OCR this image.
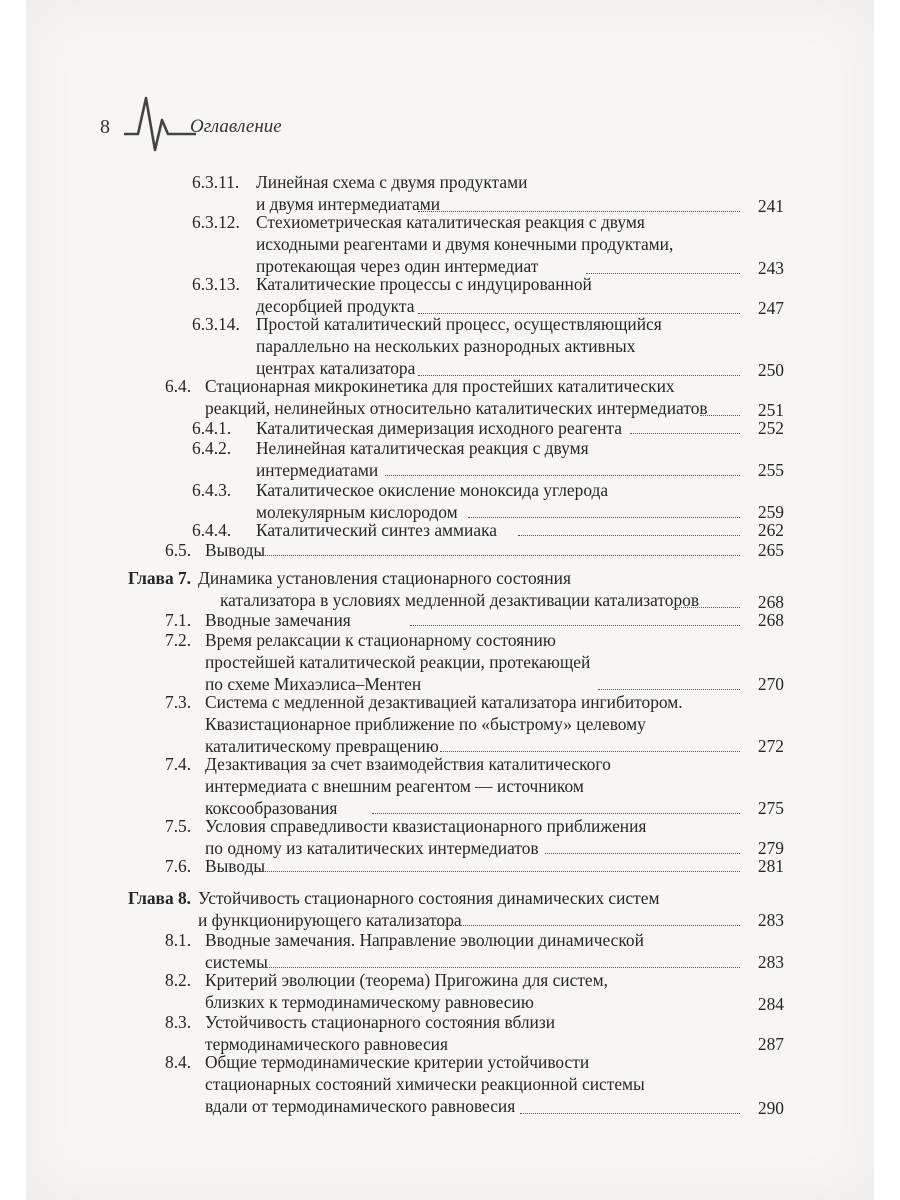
8	Оглавление
6.3.11. Линейная схема с двумя продуктами
и двумя интермедиатами	241
6.3.12. Стехиометрическая каталитическая реакция с двумя
исходными реагентами и двумя конечными продуктами,
протекающая через один интермедиат	243
6.3.13. Каталитические процессы с индуцированной
десорбцией продукта	247
6.3.14. Простой каталитический процесс, осуществляющийся
параллельно на нескольких разнородных активных
центрах катализатора	250
6.4. Стационарная микрокинетика для простейших каталитических
реакций, нелинейных относительно каталитических интермедиатов	251
6.4.1. Каталитическая димеризация исходного реагента	252
6.4.2. Нелинейная каталитическая реакция с двумя
интермедиатами	255
6.4.3. Каталитическое окисление моноксида углерода
молекулярным кислородом	259
6.4.4. Каталитический синтез аммиака	262
6.5. Выводы	265
Глава 7. Динамика установления стационарного состояния
катализатора в условиях медленной дезактивации катализаторов	268
7.1. Вводные замечания	268
7.2. Время релаксации к стационарному состоянию
простейшей каталитической реакции, протекающей
по схеме Михаэлиса–Ментен	270
7.3. Система с медленной дезактивацией катализатора ингибитором.
Квазистационарное приближение по «быстрому» целевому
каталитическому превращению	272
7.4. Дезактивация за счет взаимодействия каталитического
интермедиата с внешним реагентом — источником
коксообразования	275
7.5. Условия справедливости квазистационарного приближения
по одному из каталитических интермедиатов	279
7.6. Выводы	281
Глава 8. Устойчивость стационарного состояния динамических систем
и функционирующего катализатора	283
8.1. Вводные замечания. Направление эволюции динамической
системы	283
8.2. Критерий эволюции (теорема) Пригожина для систем,
близких к термодинамическому равновесию	284
8.3. Устойчивость стационарного состояния вблизи
термодинамического равновесия	287
8.4. Общие термодинамические критерии устойчивости
стационарных состояний химически реакционной системы
вдали от термодинамического равновесия	290
